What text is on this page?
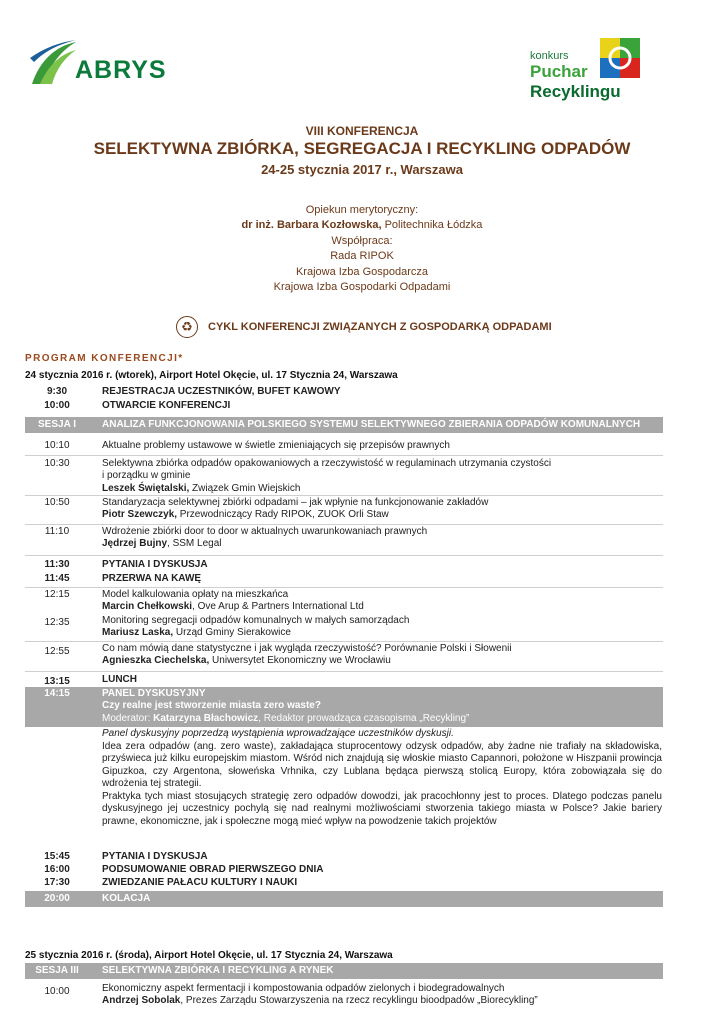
ABRYS	konkurs
Puchar
Recyklingu
VIII KONFERENCJA
SELEKTYWNA ZBIÓRKA, SEGREGACJA I RECYKLING ODPADÓW
24-25 stycznia 2017 r., Warszawa
Opiekun merytoryczny:
dr inż. Barbara Kozłowska, Politechnika Łódzka
Współpraca:
Rada RIPOK
Krajowa Izba Gospodarcza
Krajowa Izba Gospodarki Odpadami
♻	CYKL KONFERENCJI ZWIĄZANYCH Z GOSPODARKĄ ODPADAMI
PROGRAM KONFERENCJI*
24 stycznia 2016 r. (wtorek), Airport Hotel Okęcie, ul. 17 Stycznia 24, Warszawa
9:30	REJESTRACJA UCZESTNIKÓW, BUFET KAWOWY
10:00	OTWARCIE KONFERENCJI
SESJA I	ANALIZA FUNKCJONOWANIA POLSKIEGO SYSTEMU SELEKTYWNEGO ZBIERANIA ODPADÓW KOMUNALNYCH
10:10	Aktualne problemy ustawowe w świetle zmieniających się przepisów prawnych
10:30	Selektywna zbiórka odpadów opakowaniowych a rzeczywistość w regulaminach utrzymania czystości
i porządku w gminie
Leszek Świętalski, Związek Gmin Wiejskich
10:50	Standaryzacja selektywnej zbiórki odpadami – jak wpłynie na funkcjonowanie zakładów
Piotr Szewczyk, Przewodniczący Rady RIPOK, ZUOK Orli Staw
11:10	Wdrożenie zbiórki door to door w aktualnych uwarunkowaniach prawnych
Jędrzej Bujny, SSM Legal
11:30	PYTANIA I DYSKUSJA
11:45	PRZERWA NA KAWĘ
12:15	Model kalkulowania opłaty na mieszkańca
Marcin Chełkowski, Ove Arup & Partners International Ltd
12:35	Monitoring segregacji odpadów komunalnych w małych samorządach
Mariusz Laska, Urząd Gminy Sierakowice
12:55	Co nam mówią dane statystyczne i jak wygląda rzeczywistość? Porównanie Polski i Słowenii
Agnieszka Ciechelska, Uniwersytet Ekonomiczny we Wrocławiu
13:15	LUNCH
14:15	PANEL DYSKUSYJNY
Czy realne jest stworzenie miasta zero waste?
Moderator: Katarzyna Błachowicz, Redaktor prowadząca czasopisma „Recykling”
Panel dyskusyjny poprzedzą wystąpienia wprowadzające uczestników dyskusji.
Idea zera odpadów (ang. zero waste), zakładająca stuprocentowy odzysk odpadów, aby żadne nie trafiały na składowiska, przyświeca już kilku europejskim miastom. Wśród nich znajdują się włoskie miasto Capannori, położone w Hiszpanii prowincja Gipuzkoa, czy Argentona, słoweńska Vrhnika, czy Lublana będąca pierwszą stolicą Europy, która zobowiązała się do wdrożenia tej strategii.
Praktyka tych miast stosujących strategię zero odpadów dowodzi, jak pracochłonny jest to proces. Dlatego podczas panelu dyskusyjnego jej uczestnicy pochylą się nad realnymi możliwościami stworzenia takiego miasta w Polsce? Jakie bariery prawne, ekonomiczne, jak i społeczne mogą mieć wpływ na powodzenie takich projektów
15:45	PYTANIA I DYSKUSJA
16:00	PODSUMOWANIE OBRAD PIERWSZEGO DNIA
17:30	ZWIEDZANIE PAŁACU KULTURY I NAUKI
20:00	KOLACJA
25 stycznia 2016 r. (środa), Airport Hotel Okęcie, ul. 17 Stycznia 24, Warszawa
SESJA III	SELEKTYWNA ZBIÓRKA I RECYKLING A RYNEK
10:00	Ekonomiczny aspekt fermentacji i kompostowania odpadów zielonych i biodegradowalnych
Andrzej Sobolak, Prezes Zarządu Stowarzyszenia na rzecz recyklingu bioodpadów „Biorecykling”
